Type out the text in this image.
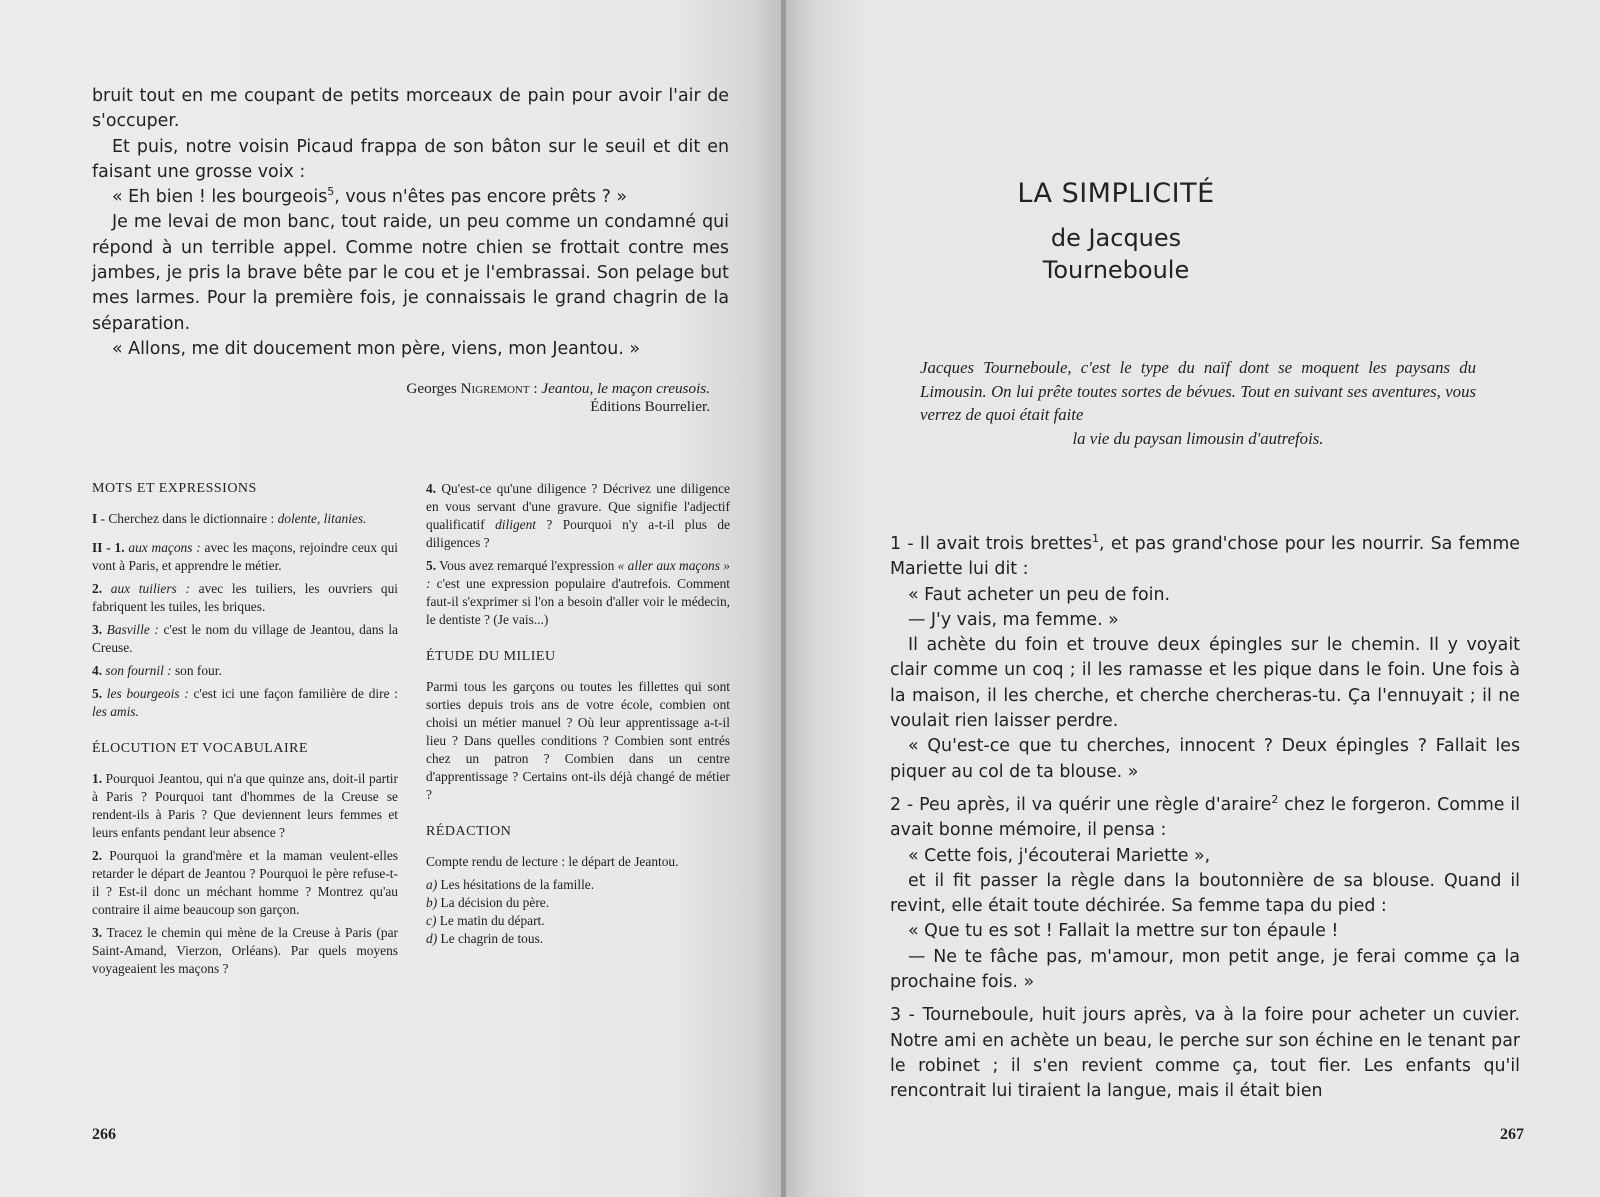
bruit tout en me coupant de petits morceaux de pain pour avoir l'air de s'occuper.

Et puis, notre voisin Picaud frappa de son bâton sur le seuil et dit en faisant une grosse voix :

« Eh bien ! les bourgeois$^5$, vous n'êtes pas encore prêts ? »

Je me levai de mon banc, tout raide, un peu comme un condamné qui répond à un terrible appel. Comme notre chien se frottait contre mes jambes, je pris la brave bête par le cou et je l'embrassai. Son pelage but mes larmes. Pour la première fois, je connaissais le grand chagrin de la séparation.

« Allons, me dit doucement mon père, viens, mon Jeantou. »

Georges Nigremont : Jeantou, le maçon creusois.
Éditions Bourrelier.
MOTS ET EXPRESSIONS

I - Cherchez dans le dictionnaire : dolente, litanies.

II - 1. aux maçons : avec les maçons, rejoindre ceux qui vont à Paris, et apprendre le métier.

2. aux tuiliers : avec les tuiliers, les ouvriers qui fabriquent les tuiles, les briques.

3. Basville : c'est le nom du village de Jeantou, dans la Creuse.

4. son fournil : son four.

5. les bourgeois : c'est ici une façon familière de dire : les amis.

ÉLOCUTION ET VOCABULAIRE

1. Pourquoi Jeantou, qui n'a que quinze ans, doit-il partir à Paris ? Pourquoi tant d'hommes de la Creuse se rendent-ils à Paris ? Que deviennent leurs femmes et leurs enfants pendant leur absence ?

2. Pourquoi la grand'mère et la maman veulent-elles retarder le départ de Jeantou ? Pourquoi le père refuse-t-il ? Est-il donc un méchant homme ? Montrez qu'au contraire il aime beaucoup son garçon.

3. Tracez le chemin qui mène de la Creuse à Paris (par Saint-Amand, Vierzon, Orléans). Par quels moyens voyageaient les maçons ?

4. Qu'est-ce qu'une diligence ? Décrivez une diligence en vous servant d'une gravure. Que signifie l'adjectif qualificatif diligent ? Pourquoi n'y a-t-il plus de diligences ?

5. Vous avez remarqué l'expression « aller aux maçons » : c'est une expression populaire d'autrefois. Comment faut-il s'exprimer si l'on a besoin d'aller voir le médecin, le dentiste ? (Je vais...)

ÉTUDE DU MILIEU

Parmi tous les garçons ou toutes les fillettes qui sont sorties depuis trois ans de votre école, combien ont choisi un métier manuel ? Où leur apprentissage a-t-il lieu ? Dans quelles conditions ? Combien sont entrés chez un patron ? Combien dans un centre d'apprentissage ? Certains ont-ils déjà changé de métier ?

RÉDACTION

Compte rendu de lecture : le départ de Jeantou.

a) Les hésitations de la famille.
b) La décision du père.
c) Le matin du départ.
d) Le chagrin de tous.
266	267
LA SIMPLICITÉ
de Jacques Tourneboule
Jacques Tourneboule, c'est le type du naïf dont se moquent les paysans du Limousin. On lui prête toutes sortes de bévues. Tout en suivant ses aventures, vous verrez de quoi était faite
la vie du paysan limousin d'autrefois.

1 - Il avait trois brettes$^1$, et pas grand'chose pour les nourrir. Sa femme Mariette lui dit :

« Faut acheter un peu de foin.

— J'y vais, ma femme. »

Il achète du foin et trouve deux épingles sur le chemin. Il y voyait clair comme un coq ; il les ramasse et les pique dans le foin. Une fois à la maison, il les cherche, et cherche chercheras-tu. Ça l'ennuyait ; il ne voulait rien laisser perdre.

« Qu'est-ce que tu cherches, innocent ? Deux épingles ? Fallait les piquer au col de ta blouse. »

2 - Peu après, il va quérir une règle d'araire$^2$ chez le forgeron. Comme il avait bonne mémoire, il pensa :

« Cette fois, j'écouterai Mariette »,

et il fit passer la règle dans la boutonnière de sa blouse. Quand il revint, elle était toute déchirée. Sa femme tapa du pied :

« Que tu es sot ! Fallait la mettre sur ton épaule !

— Ne te fâche pas, m'amour, mon petit ange, je ferai comme ça la prochaine fois. »

3 - Tourneboule, huit jours après, va à la foire pour acheter un cuvier. Notre ami en achète un beau, le perche sur son échine en le tenant par le robinet ; il s'en revient comme ça, tout fier. Les enfants qu'il rencontrait lui tiraient la langue, mais il était bien
